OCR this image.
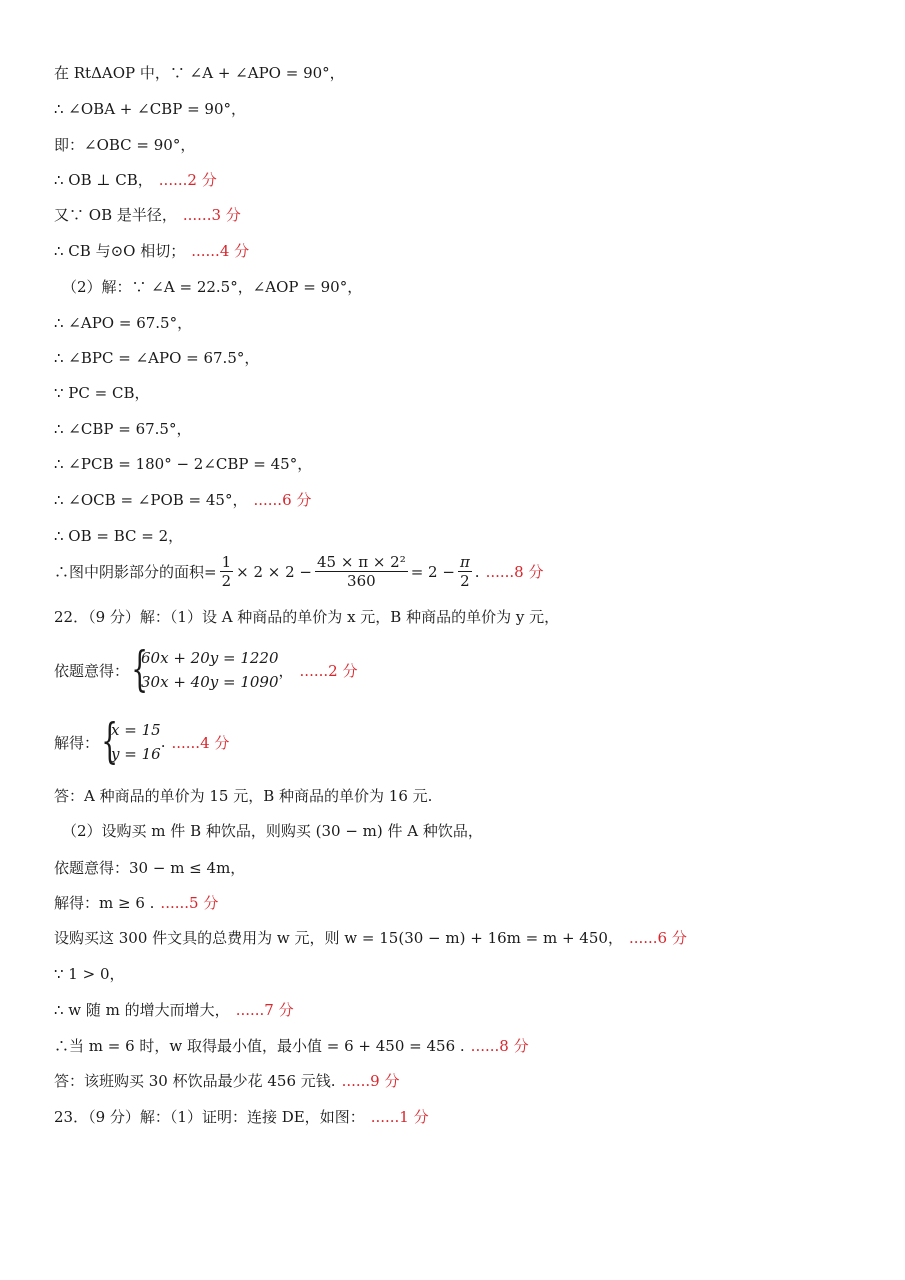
在 RtΔAOP 中，∵ ∠A + ∠APO = 90°，
∴ ∠OBA + ∠CBP = 90°，
即：∠OBC = 90°，
∴ OB ⊥ CB， ......2 分
又∵ OB 是半径， ......3 分
∴ CB 与⊙O 相切； ......4 分
（2）解：∵ ∠A = 22.5°，∠AOP = 90°，
∴ ∠APO = 67.5°，
∴ ∠BPC = ∠APO = 67.5°，
∵ PC = CB，
∴ ∠CBP = 67.5°，
∴ ∠PCB = 180° − 2∠CBP = 45°，
∴ ∠OCB = ∠POB = 45°， ......6 分
∴ OB = BC = 2，
∴图中阴影部分的面积= $\frac{1}{2} \times 2 \times 2 - \frac{\text{45 × π × 2²}}{360} = 2 - \frac{\pi}{2}$ . ......8 分
22．（9 分）解：（1）设 A 种商品的单价为 x 元，B 种商品的单价为 y 元，
依题意得： {
60x + 20y = 1220
30x + 40y = 1090
， ......2 分
解得： {
x = 15
y = 16
. ......4 分
答：A 种商品的单价为 15 元，B 种商品的单价为 16 元.
（2）设购买 m 件 B 种饮品，则购买 (30 − m) 件 A 种饮品，
依题意得：30 − m ≤ 4m，
解得：m ≥ 6 . ......5 分
设购买这 300 件文具的总费用为 w 元，则 w = 15(30 − m) + 16m = m + 450， ......6 分
∵ 1 > 0，
∴ w 随 m 的增大而增大， ......7 分
∴当 m = 6 时，w 取得最小值，最小值 = 6 + 450 = 456 . ......8 分
答：该班购买 30 杯饮品最少花 456 元钱. ......9 分
23．（9 分）解：（1）证明：连接 DE，如图： ......1 分
